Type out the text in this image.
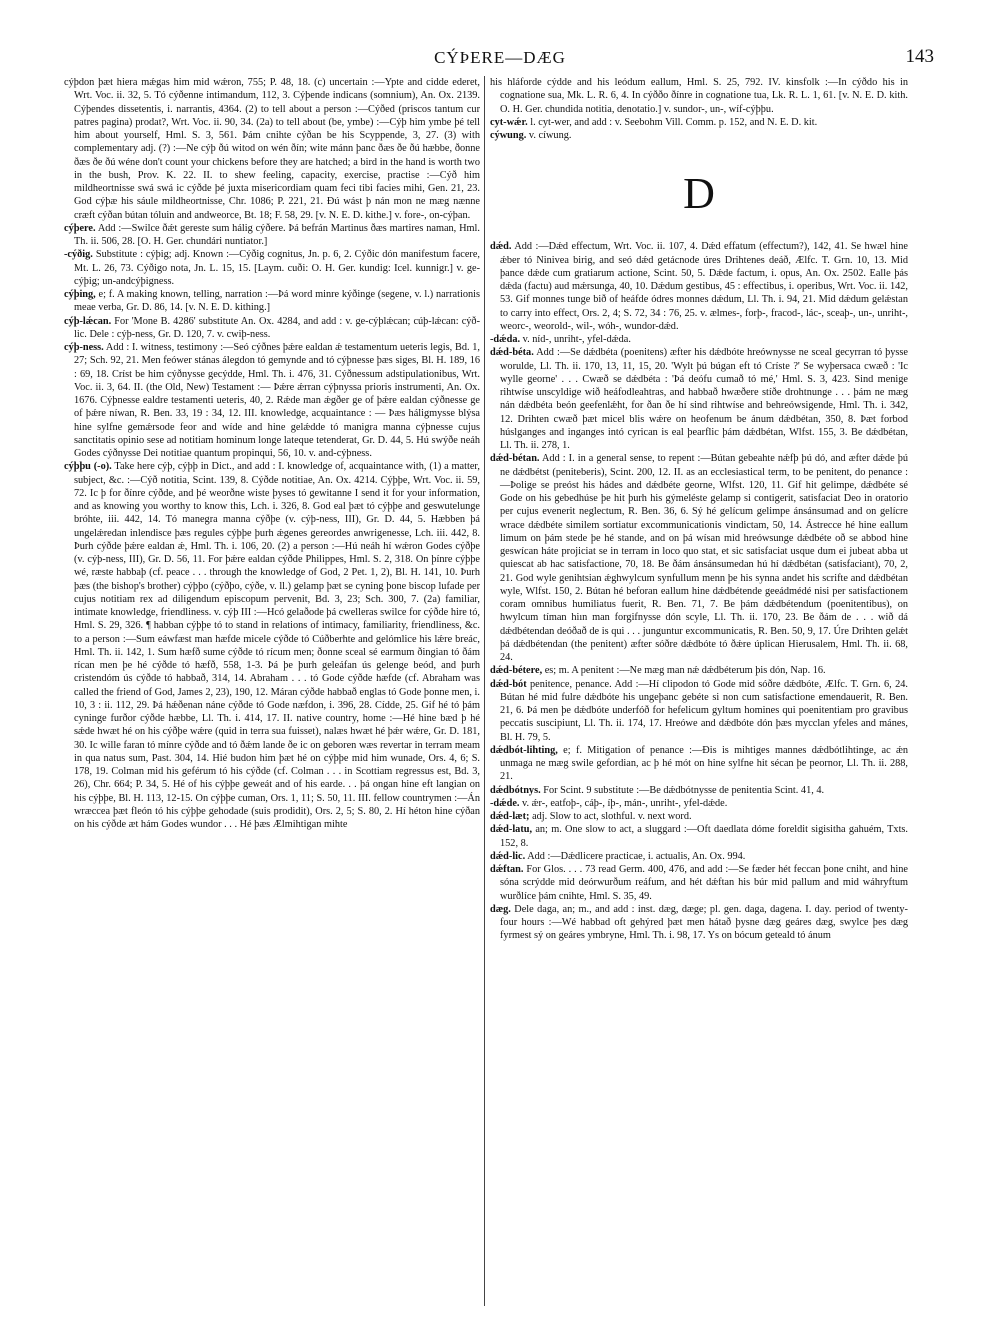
CÝÞERE—DÆG	143

cýþdon þæt hiera mǽgas him mid wǽron, 755; P. 48, 18. (c) uncertain :—Ypte and cidde ederet, Wrt. Voc. ii. 32, 5. Tó cýðenne intimandum, 112, 3. Cýþende indicans (somnium), An. Ox. 2139. Cýþendes dissetentis, i. narrantis, 4364. (2) to tell about a person :—Cýðed (priscos tantum cur patres pagina) prodat?, Wrt. Voc. ii. 90, 34. (2a) to tell about (be, ymbe) :—Cýþ him ymbe þé tell him about yourself, Hml. S. 3, 561. Þám cnihte cýðan be his Scyppende, 3, 27. (3) with complementary adj. (?) :—Ne cýþ ðú witod on wén ðín; wite mánn þanc ðæs ðe ðú hæbbe, ðonne ðæs ðe ðú wéne don't count your chickens before they are hatched; a bird in the hand is worth two in the bush, Prov. K. 22. II. to shew feeling, capacity, exercise, practise :—Cýð him mildheortnisse swá swá ic cýðde þé juxta misericordiam quam feci tibi facies mihi, Gen. 21, 23. God cýþæ his sáule mildheortnisse, Chr. 1086; P. 221, 21. Ðú wást þ nán mon ne mæg nænne cræft cýðan bútan tóluin and andweorce, Bt. 18; F. 58, 29. [v. N. E. D. kithe.] v. fore-, on-cýþan.

cýþere. Add :—Swilce ðǽt gereste sum hálig cýðere. Þá befrán Martinus ðæs martires naman, Hml. Th. ii. 506, 28. [O. H. Ger. chundári nuntiator.]

-cýðig. Substitute : cýþig; adj. Known :—Cýðig cognitus, Jn. p. 6, 2. Cýðic dón manifestum facere, Mt. L. 26, 73. Cýðigo nota, Jn. L. 15, 15. [Laym. cuði: O. H. Ger. kundig: Icel. kunnigr.] v. gecýþig; un-andcýþigness.

cýþing, e; f. A making known, telling, narration :—Þá word minre kýðinge (segene, v. l.) narrationis meae verba, Gr. D. 86, 14. [v. N. E. D. kithing.]

cýþ-lǽcan. For 'Mone B. 4286' substitute An. Ox. 4284, and add : v. ge-cýþlǽcan; cúþ-lǽcan: cýð-lic. Dele : cýþ-ness, Gr. D. 120, 7. v. cwiþ-ness.

cýþ-ness. Add : I. witness, testimony :—Seó cýðnes þǽre ealdan ǽ testamentum ueteris legis, Bd. 1, 27; Sch. 92, 21. Men feówer stánas álegdon tó gemynde and tó cýþnesse þæs siges, Bl. H. 189, 16 : 69, 18. Críst be him cýðnysse gecýdde, Hml. Th. i. 476, 31. Cýðnessum adstipulationibus, Wrt. Voc. ii. 3, 64. II. (the Old, New) Testament :— Þǽre ǽrran cýþnyssa prioris instrumenti, An. Ox. 1676. Cýþnesse ealdre testamenti ueteris, 40, 2. Rǽde man ǽgðer ge of þǽre ealdan cýðnesse ge of þǽre níwan, R. Ben. 33, 19 : 34, 12. III. knowledge, acquaintance : — Þæs háligmysse blýsa hine sylfne gemǽrsode feor and wíde and hine gelǽdde tó manigra manna cýþnesse cujus sanctitatis opinio sese ad notitiam hominum longe lateque tetenderat, Gr. D. 44, 5. Hú swýðe neáh Godes cýðnysse Dei notitiae quantum propinqui, 56, 10. v. and-cýþness.

cýþþu (-o). Take here cýþ, cýþþ in Dict., and add : I. knowledge of, acquaintance with, (1) a matter, subject, &c. :—Cýð notitia, Scint. 139, 8. Cýðde notitiae, An. Ox. 4214. Cýþþe, Wrt. Voc. ii. 59, 72. Ic þ for ðínre cýðde, and þé weorðne wiste þyses tó gewitanne I send it for your information, and as knowing you worthy to know this, Lch. i. 326, 8. God eal þæt tó cýþþe and geswutelunge bróhte, iii. 442, 14. Tó manegra manna cýðþe (v. cýþ-ness, III), Gr. D. 44, 5. Hæbben þá ungelǽredan inlendisce þæs regules cýþþe þurh ǽgenes gereordes anwrigenesse, Lch. iii. 442, 8. Þurh cýðde þǽre ealdan ǽ, Hml. Th. i. 106, 20. (2) a person :—Hú neáh hí wǽron Godes cýðþe (v. cýþ-ness, III), Gr. D. 56, 11. For þǽre ealdan cýðde Philippes, Hml. S. 2, 318. On þínre cýþþe wé, ræste habbaþ (cf. peace . . . through the knowledge of God, 2 Pet. 1, 2), Bl. H. 141, 10. Þurh þæs (the bishop's brother) cýþþo (cýðþo, cýðe, v. ll.) gelamp þæt se cyning þone biscop lufade per cujus notitiam rex ad diligendum episcopum pervenit, Bd. 3, 23; Sch. 300, 7. (2a) familiar, intimate knowledge, friendliness. v. cýþ III :—Hcó gelaðode þá cwelleras swilce for cýðde hire tó, Hml. S. 29, 326. ¶ habban cýþþe tó to stand in relations of intimacy, familiarity, friendliness, &c. to a person :—Sum eáwfæst man hæfde micele cýðde tó Cúðberhte and gelómlice his lǽre breác, Hml. Th. ii. 142, 1. Sum hæfð sume cýðde tó rícum men; ðonne sceal sé earmum ðingian tó ðám rícan men þe hé cýðde tó hæfð, 558, 1-3. Þá þe þurh geleáfan ús gelenge beód, and þurh cristendóm ús cýðde tó habbað, 314, 14. Abraham . . . tó Gode cýðde hæfde (cf. Abraham was called the friend of God, James 2, 23), 190, 12. Máran cýðde habbað englas tó Gode þonne men, i. 10, 3 : ii. 112, 29. Þá hǽðenan náne cýðde tó Gode næfdon, i. 396, 28. Cídde, 25. Gif hé tó þám cyninge furðor cýðde hæbbe, Ll. Th. i. 414, 17. II. native country, home :—Hé hine bæd þ hé sǽde hwæt hé on his cýðþe wǽre (quid in terra sua fuisset), nalæs hwæt hé þǽr wǽre, Gr. D. 181, 30. Ic wille faran tó mínre cýðde and tó ðǽm lande ðe ic on geboren wæs revertar in terram meam in qua natus sum, Past. 304, 14. Hié budon him þæt hé on cýþþe mid him wunade, Ors. 4, 6; S. 178, 19. Colman mid his geférum tó his cýðde (cf. Colman . . . in Scottiam regressus est, Bd. 3, 26), Chr. 664; P. 34, 5. Hé of his cýþþe geweát and of his earde. . . þá ongan hine eft langian on his cýþþe, Bl. H. 113, 12-15. On cýþþe cuman, Ors. 1, 11; S. 50, 11. III. fellow countrymen :—Án wræccea þæt fleón tó his cýþþe gehodade (suis prodidit), Ors. 2, 5; S. 80, 2. Hí héton hine cýðan on his cýðde æt hám Godes wundor . . . Hé þæs Ælmihtigan mihte

his hláforde cýdde and his leódum eallum, Hml. S. 25, 792. IV. kinsfolk :—In cýðdo his in cognatione sua, Mk. L. R. 6, 4. In cýððo ðínre in cognatione tua, Lk. R. L. 1, 61. [v. N. E. D. kith. O. H. Ger. chundida notitia, denotatio.] v. sundor-, un-, wíf-cýþþu.

cyt-wǽr. l. cyt-wer, and add : v. Seebohm Vill. Comm. p. 152, and N. E. D. kit.

cýwung. v. cíwung.

D

dǽd. Add :—Dǽd effectum, Wrt. Voc. ii. 107, 4. Dǽd effatum (effectum?), 142, 41. Se hwæl hine ǽber tó Ninivea birig, and seó dǽd getácnode úres Drihtenes deáð, Ælfc. T. Grn. 10, 13. Mid þance dǽde cum gratiarum actione, Scint. 50, 5. Dǽde factum, i. opus, An. Ox. 2502. Ealle þás dǽda (factu) aud mǽrsunga, 40, 10. Dǽdum gestibus, 45 : effectibus, i. operibus, Wrt. Voc. ii. 142, 53. Gif monnes tunge bið of heáfde ódres monnes dǽdum, Ll. Th. i. 94, 21. Mid dǽdum gelǽstan to carry into effect, Ors. 2, 4; S. 72, 34 : 76, 25. v. ælmes-, forþ-, fracod-, lác-, sceaþ-, un-, unriht-, weorc-, weorold-, wil-, wóh-, wundor-dǽd.

-dǽda. v. níd-, unriht-, yfel-dǽda.

dǽd-béta. Add :—Se dǽdbéta (poenitens) æfter his dǽdbóte hreównysse ne sceal gecyrran tó þysse woruldе, Ll. Th. ii. 170, 13, 11, 15, 20. 'Wylt þú búgan eft tó Críste ?' Se wyþersaca cwæð : 'Ic wylle georne' . . . Cwæð se dǽdbéta : 'Þá deófu cumað tó mé,' Hml. S. 3, 423. Sind menige rihtwíse unscyldige wið heáfodleahtras, and habbað hwæðere stíðe drohtnunge . . . þám ne mæg nán dǽdbéta beón geefenlǽht, for ðan ðe hí sind rihtwíse and behreówsigende, Hml. Th. i. 342, 12. Drihten cwæð þæt micel blis wǽre on heofenum be ánum dǽdbétan, 350, 8. Þæt forbod húslganges and inganges intó cyrican is eal þearflic þám dǽdbétan, Wlfst. 155, 3. Be dǽdbétan, Ll. Th. ii. 278, 1.

dǽd-bétan. Add : I. in a general sense, to repent :—Bútan gebeahte nǽfþ þú dó, and æfter dǽde þú ne dǽdbétst (peniteberis), Scint. 200, 12. II. as an ecclesiastical term, to be penitent, do penance :—Þolige se preóst his hádes and dǽdbéte georne, Wlfst. 120, 11. Gif hit gelimpe, dǽdbéte sé Gode on his gebedhúse þe hit þurh his gýmeléste gelamp si contigerit, satisfaciat Deo in oratorio per cujus evenerit neglectum, R. Ben. 36, 6. Sý hé gelícum gelimpe ánsánsumad and on gelícre wrace dǽdbéte similem sortiatur excommunicationis vindictam, 50, 14. Ástrecce hé hine eallum limum on þám stede þe hé stande, and on þá wísan mid hreówsunge dǽdbéte oð se abbod hine geswícan háte projiciat se in terram in loco quo stat, et sic satisfaciat usque dum ei jubeat abba ut quiescat ab hac satisfactione, 70, 18. Be ðám ánsánsumedan hú hí dǽdbétan (satisfaciant), 70, 2, 21. God wyle genihtsian ǽghwylcum synfullum menn þe his synna andet his scrifte and dǽdbétan wyle, Wlfst. 150, 2. Bútan hé beforan eallum hine dǽdbétende geeádmédé nisi per satisfactionem coram omnibus humiliatus fuerit, R. Ben. 71, 7. Be þám dǽdbétendum (poenitentibus), on hwylcum tíman hiın man forgifnysse dón scyle, Ll. Th. ii. 170, 23. Be ðám de . . . wið dá dǽdbétendan deóðað de is qui . . . junguntur excommunicatis, R. Ben. 50, 9, 17. Úre Drihten gelǽt þá dǽdbétendan (the penitent) æfter sóðre dǽdbóte tó ðǽre úplican Hierusalem, Hml. Th. ii. 68, 24.

dǽd-bétere, es; m. A penitent :—Ne mæg man nǽ dǽdbéterum þis dón, Nap. 16.

dǽd-bót penitence, penance. Add :—Hí clipodon tó Gode mid sóðre dǽdbóte, Ælfc. T. Grn. 6, 24. Bútan hé mid fulre dǽdbóte his ungeþanc gebéte si non cum satisfactione emendauerit, R. Ben. 21, 6. Þá men þe dǽdbóte underfóð for hefelicum gyltum homines qui poenitentiam pro gravibus peccatis suscipiunt, Ll. Th. ii. 174, 17. Hreówe and dǽdbóte dón þæs mycclan yfeles and mánes, Bl. H. 79, 5.

dǽdbót-lihting, e; f. Mitigation of penance :—Ðis is mihtiges mannes dǽdbótlihtinge, ac ǽn unmaga ne mæg swile gefordian, ac þ hé mót on hine sylfne hit sécan þe peornor, Ll. Th. ii. 288, 21.

dǽdbótnys. For Scint. 9 substitute :—Be dǽdbótnysse de penitentia Scint. 41, 4.

-dǽde. v. ǽr-, eatfoþ-, cáþ-, íþ-, mán-, unriht-, yfel-dǽde.

dǽd-læt; adj. Slow to act, slothful. v. next word.

dǽd-latu, an; m. One slow to act, a sluggard :—Oft daedlata dóme foreldit sigisitha gahuém, Txts. 152, 8.

dǽd-lic. Add :—Dǽdlicere practicae, i. actualis, An. Ox. 994.

dǽftan. For Glos. . . . 73 read Germ. 400, 476, and add :—Se fæder hét feccan þone cniht, and hine sóna scrýdde mid deórwurðum reáfum, and hét dǽftan his búr mid pallum and mid wáhryftum wurðlíce þám cnihte, Hml. S. 35, 49.

dæg. Dele daga, an; m., and add : inst. dæg, dæge; pl. gen. daga, dagena. I. day. period of twenty-four hours :—Wé habbad oft gehýred þæt men hátað þysne dæg geáres dæg, swylce þes dæg fyrmest sý on geáres ymbryne, Hml. Th. i. 98, 17. Ys on bócum geteald tó ánum
